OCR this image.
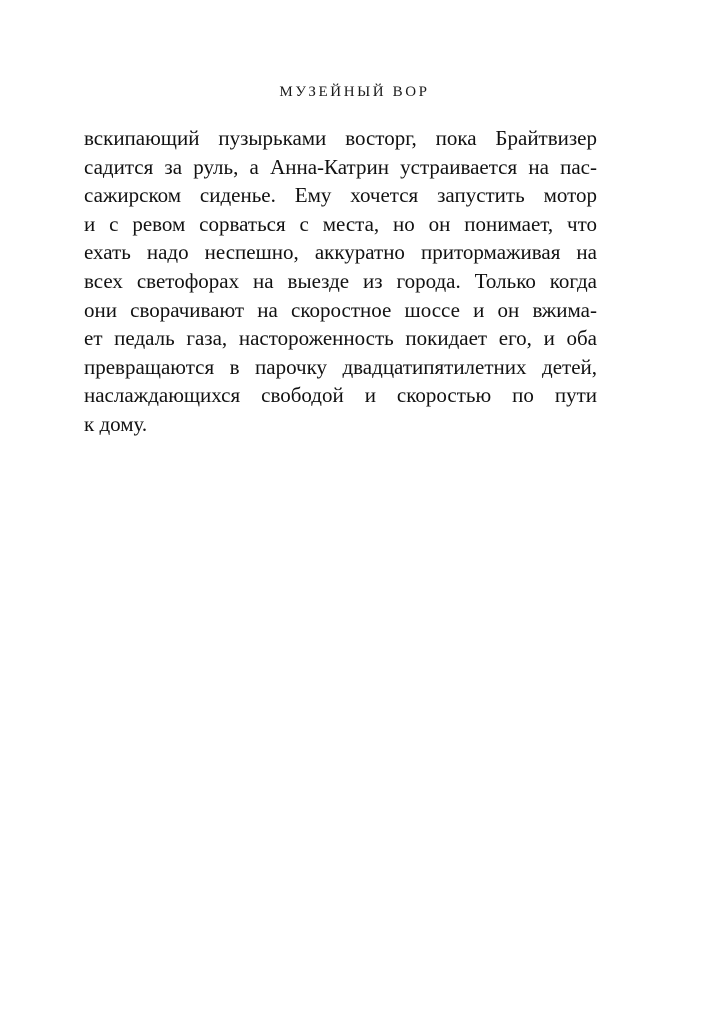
МУЗЕЙНЫЙ ВОР
вскипающий пузырьками восторг, пока Брайтвизер
садится за руль, а Анна-Катрин устраивается на пас-
сажирском сиденье. Ему хочется запустить мотор
и с ревом сорваться с места, но он понимает, что
ехать надо неспешно, аккуратно притормаживая на
всех светофорах на выезде из города. Только когда
они сворачивают на скоростное шоссе и он вжима-
ет педаль газа, настороженность покидает его, и оба
превращаются в парочку двадцатипятилетних детей,
наслаждающихся свободой и скоростью по пути
к дому.
